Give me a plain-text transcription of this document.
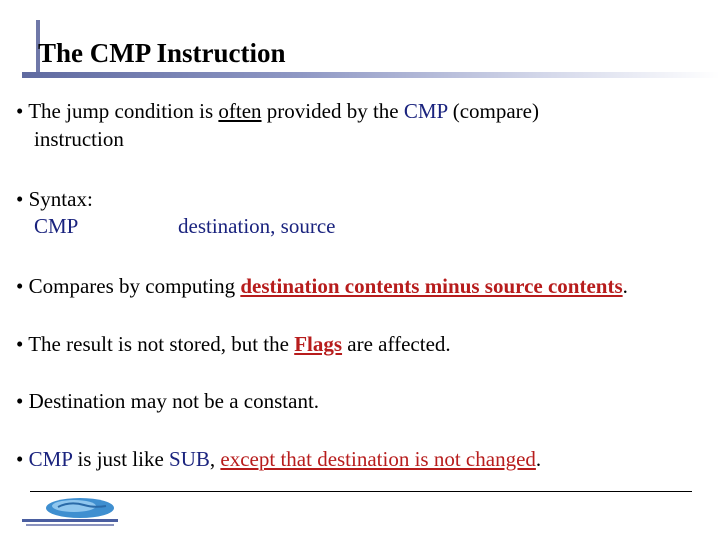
The CMP Instruction
• The jump condition is often provided by the CMP (compare)
instruction
• Syntax:
CMP	destination, source
• Compares by computing destination contents minus source contents.
• The result is not stored, but the Flags are affected.
• Destination may not be a constant.
• CMP is just like SUB, except that destination is not changed.
